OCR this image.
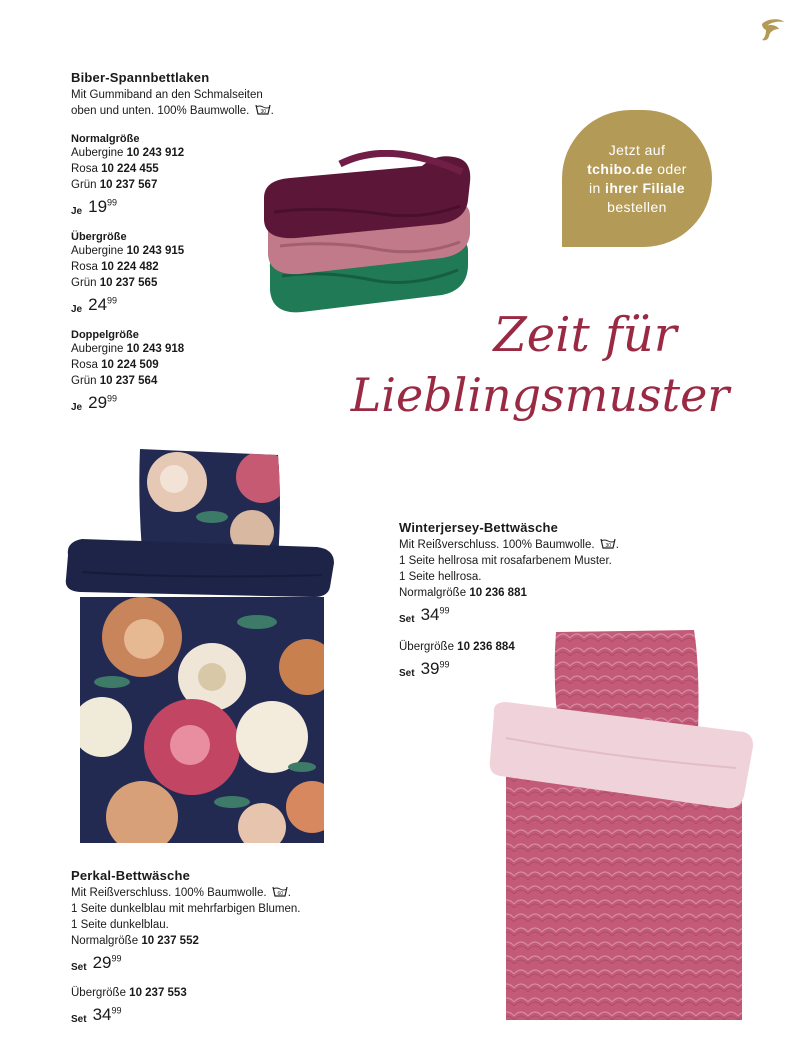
Biber-Spannbettlaken

Mit Gummiband an den Schmalseiten

oben und unten. 100% Baumwolle. 30 .

Normalgröße

Aubergine 10 243 912

Rosa 10 224 455

Grün 10 237 567

Je $19^{99}$
Übergröße

Aubergine 10 243 915

Rosa 10 224 482

Grün 10 237 565

Je $24^{99}$
Doppelgröße

Aubergine 10 243 918

Rosa 10 224 509

Grün 10 237 564

Je $29^{99}$
Jetzt auf
tchibo.de oder
in ihrer Filiale
bestellen
Zeit für
Lieblingsmuster
Winterjersey-Bettwäsche

Mit Reißverschluss. 100% Baumwolle. 30 .

1 Seite hellrosa mit rosafarbenem Muster.

1 Seite hellrosa.

Normalgröße 10 236 881

Set $34^{99}$

Übergröße 10 236 884

Set $39^{99}$
Perkal-Bettwäsche

Mit Reißverschluss. 100% Baumwolle. 60 .

1 Seite dunkelblau mit mehrfarbigen Blumen.

1 Seite dunkelblau.

Normalgröße 10 237 552

Set $29^{99}$

Übergröße 10 237 553

Set $34^{99}$
